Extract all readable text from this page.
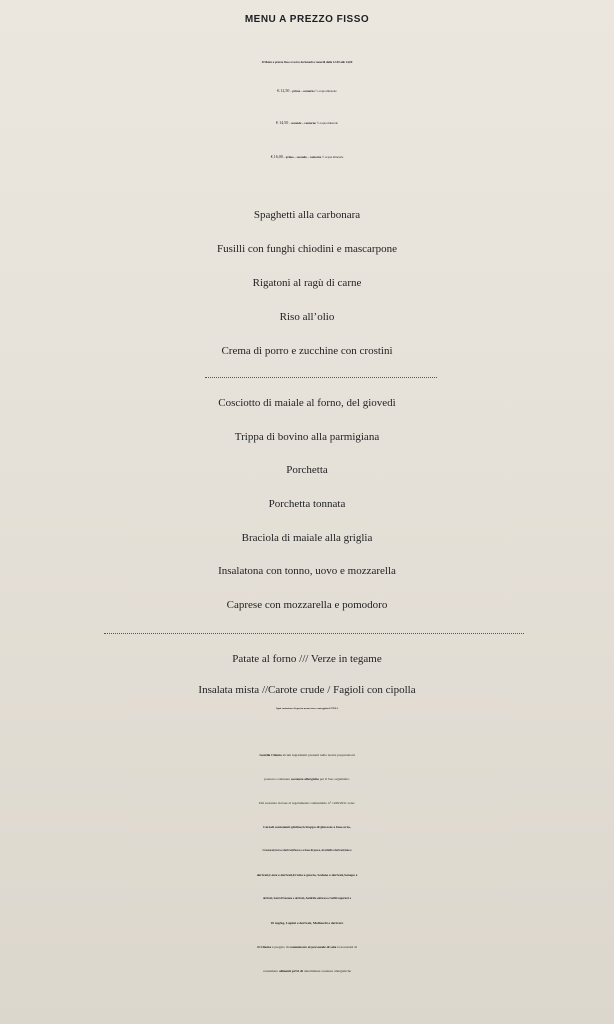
MENU A PREZZO FISSO
Il Menu a prezzo fisso si serve da lunedì a venerdì dalle 12.00 alle 14,00
€.12,50 – primo – contorno ½ acqua minerale
€ 14,50 – secondo – contorno ½ acqua minerale
€.16,00 – primo – secondo – contorno ½ acqua minerale
Spaghetti alla carbonara
Fusilli con funghi chiodini e mascarpone
Rigatoni al ragù di carne
Riso all’olio
Crema di porro e zucchine con crostini
Cosciotto di maiale al forno, del giovedì
Trippa di bovino alla parmigiana
Porchetta
Porchetta tonnata
Braciola di maiale alla griglia
Insalatona con tonno, uovo e mozzarella
Caprese con mozzarella e pomodoro
Patate al forno /// Verze in tegame
Insalata mista //Carote crude / Fagioli con cipolla
Ogni variazione di questo menu viene conteggiata EXTRA
Gentile Cliente alcuni ingredienti presenti nelle nostre preparazioni
possono contenere sostanze allergiche per il Suo organismo.
Tali sostanze in base al regolamento comunitario n° 1169/2011 sono:
Cereali contenenti glutine,Sciroppo di glucosio a base orzo,
Crostacei,Uova e derivati,Pesce e a base di pesce, Arachidi e derivati,Soia e
derivati,Latte e derivati,Frutta a guscio, Sedano e derivati,Senape e
derivati, Semi di Sesamo e derivati, Anidride solforosa e Solfiti superiori a
10 mg/kg, Lupini e derivati, Molluschi e derivati.
Il Cliente è pregato di comunicare al personale di sala la necessità di
consumare alimenti privi di determinate sostanze allergeniche
